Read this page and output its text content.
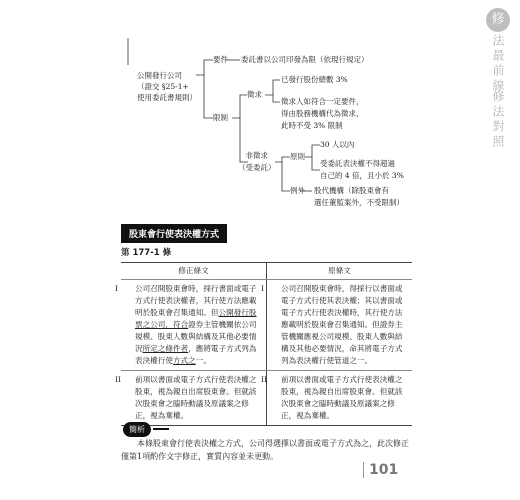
修
法最前線
修法對照
公開發行公司
（證交 §25-1+
使用委託書規則）
要件 委託書以公司印發為限（依現行規定）
限制
徵求
已發行股份總數 3%
徵求人如符合一定要件，
得由股務機構代為徵求，
此時不受 3% 限制
非徵求
（受委託）
原則
30 人以內
受委託表決權不得超過
自己的 4 倍，且小於 3%
例外 股代機構（除股東會有
選任董監案外，不受限制）
股東會行使表決權方式
第 177-1 條
修正條文	原條文

I 公司召開股東會時，採行書面或電子方式行使表決權者，其行使方法應載明於股東會召集通知。但公開發行股票之公司，符合證券主管機關依公司規模、股東人數與結構及其他必要情況所定之條件者，應將電子方式列為表決權行使方式之一。	I 公司召開股東會時，得採行以書面或電子方式行使其表決權；其以書面或電子方式行使表決權時，其行使方法應載明於股東會召集通知。但證券主管機關應視公司規模、股東人數與結構及其他必要情況，命其將電子方式列為表決權行使管道之一。

II 前項以書面或電子方式行使表決權之股東，視為親自出席股東會。但就該次股東會之臨時動議及原議案之修正，視為棄權。	II 前項以書面或電子方式行使表決權之股東，視為親自出席股東會。但就該次股東會之臨時動議及原議案之修正，視為棄權。
簡析
本條股東會行使表決權之方式，公司得選擇以書面或電子方式為之，此次修正僅第1項酌作文字修正，實質內容並未更動。
101
